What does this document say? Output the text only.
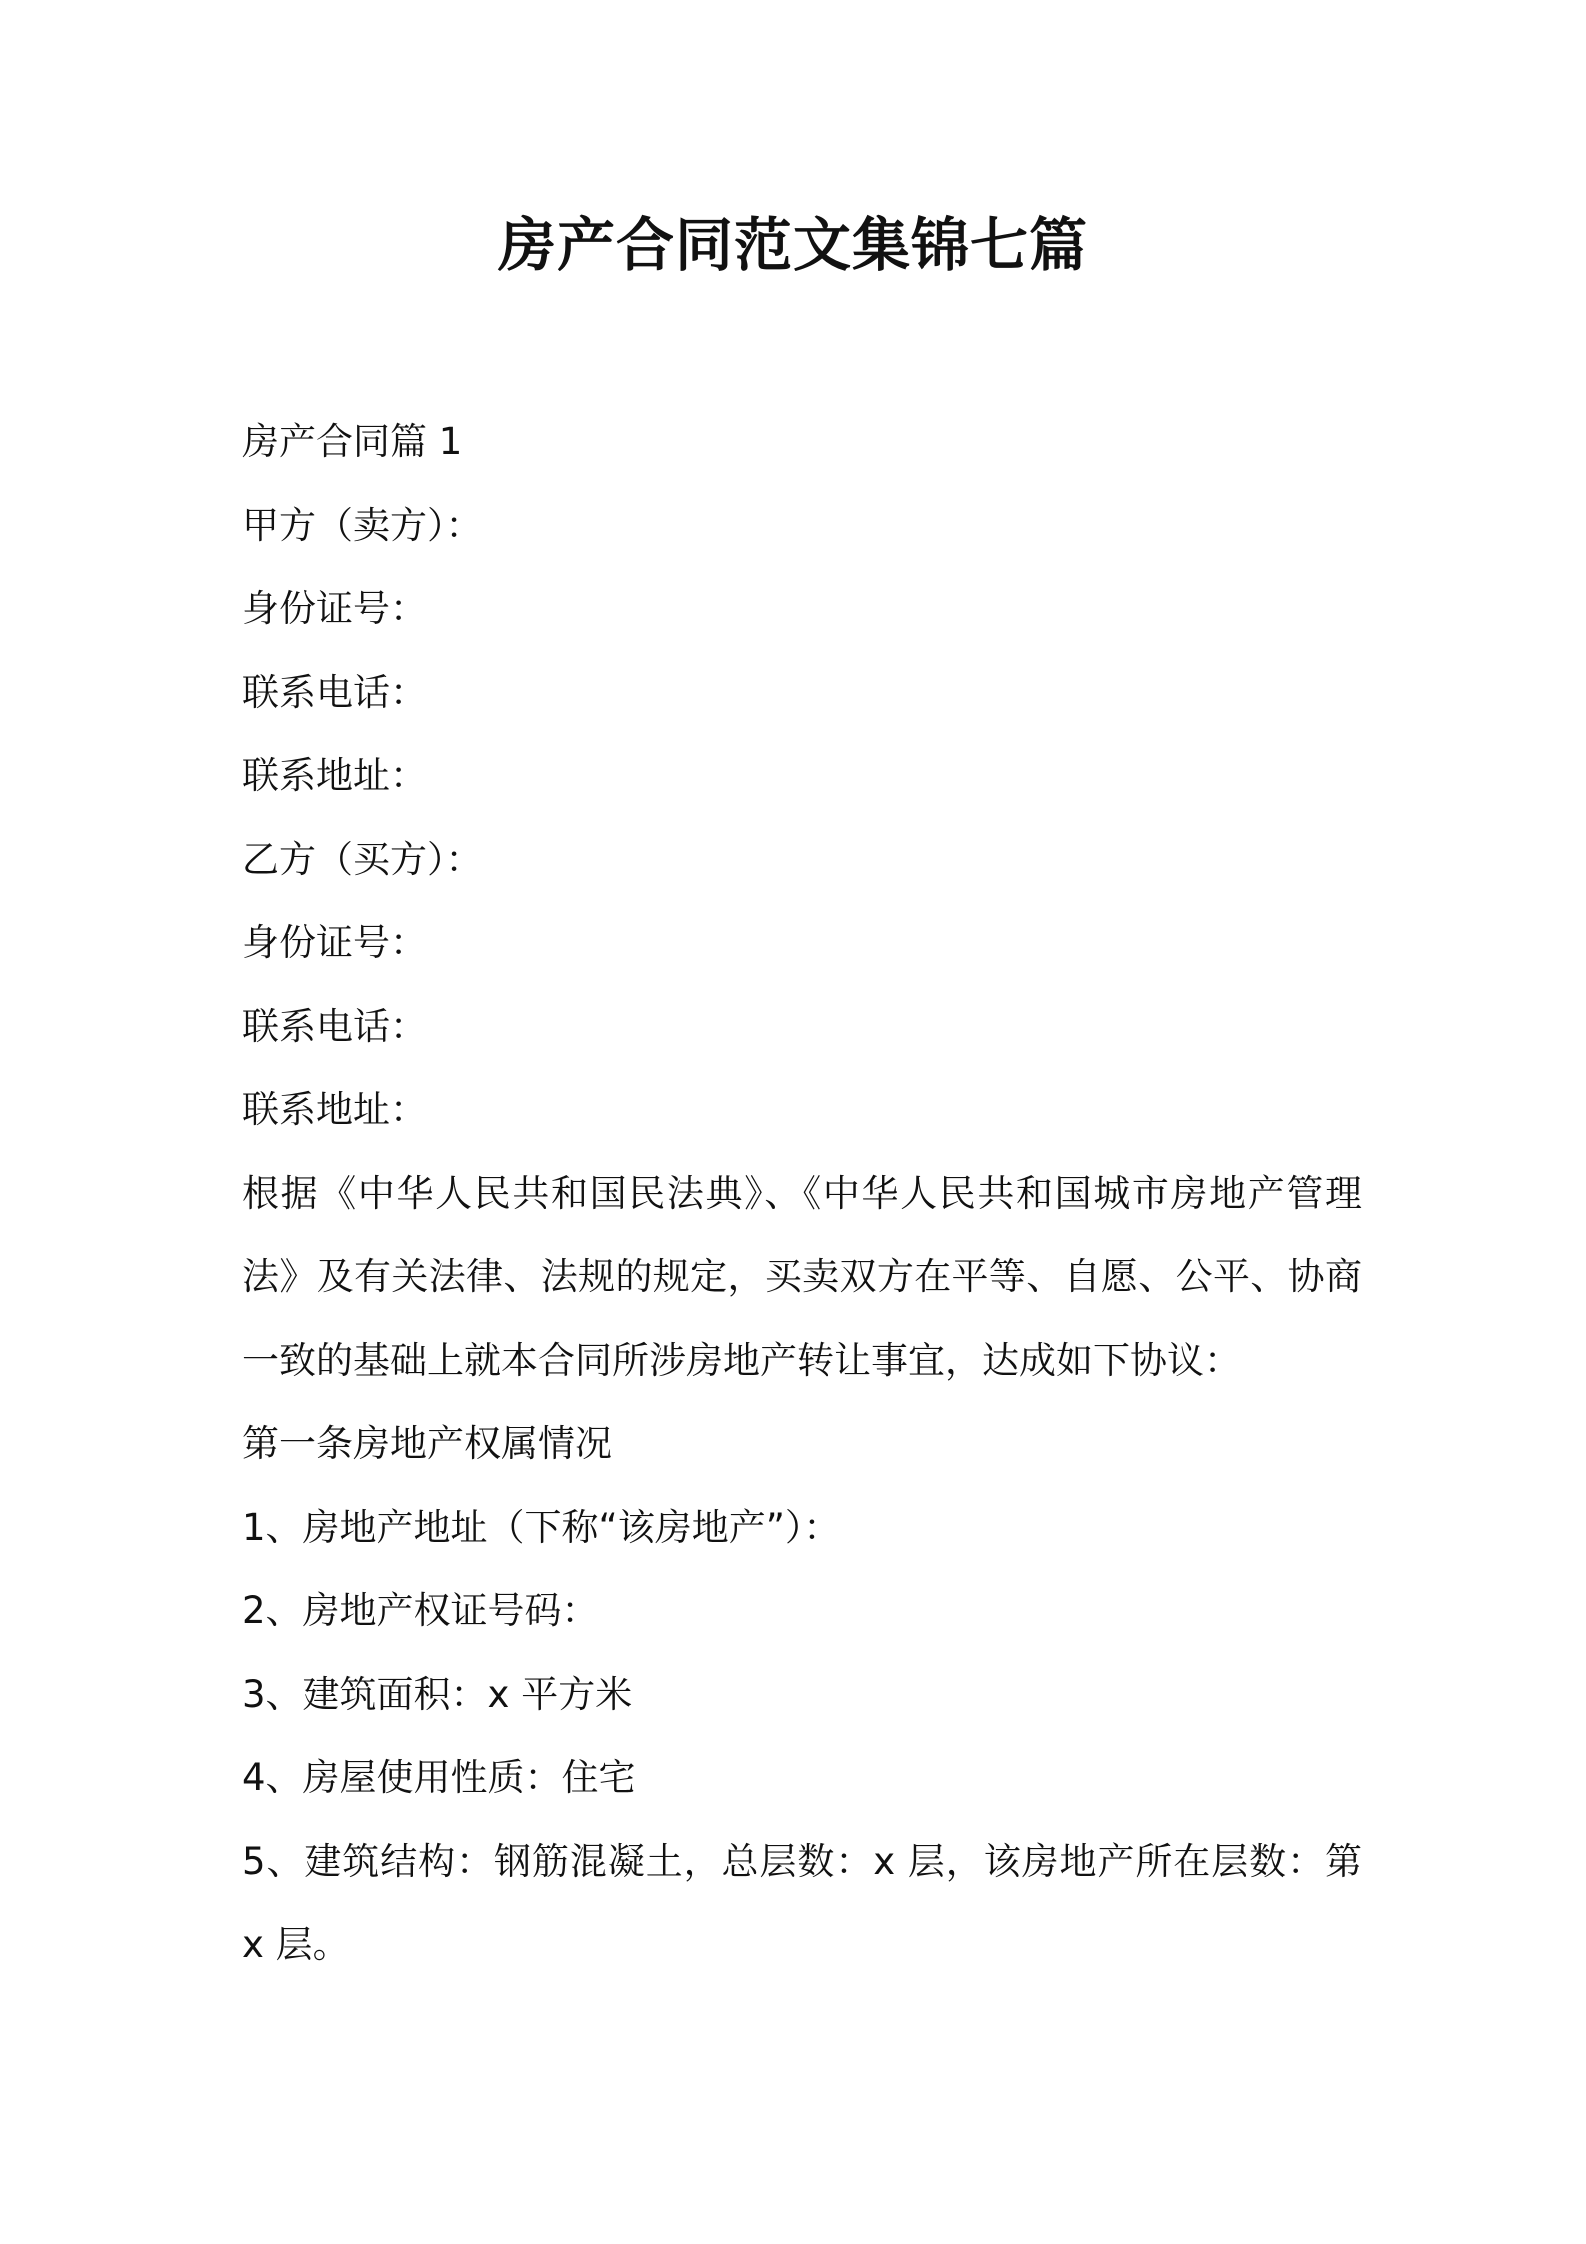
房产合同范文集锦七篇

房产合同篇 1

甲方（卖方）：

身份证号：

联系电话：

联系地址：

乙方（买方）：

身份证号：

联系电话：

联系地址：

根据《中华人民共和国民法典》、《中华人民共和国城市房地产管理法》及有关法律、法规的规定，买卖双方在平等、自愿、公平、协商一致的基础上就本合同所涉房地产转让事宜，达成如下协议：

第一条房地产权属情况

1、房地产地址（下称“该房地产”）：

2、房地产权证号码：

3、建筑面积：x 平方米

4、房屋使用性质：住宅

5、建筑结构：钢筋混凝土，总层数：x 层，该房地产所在层数：第 x 层。
